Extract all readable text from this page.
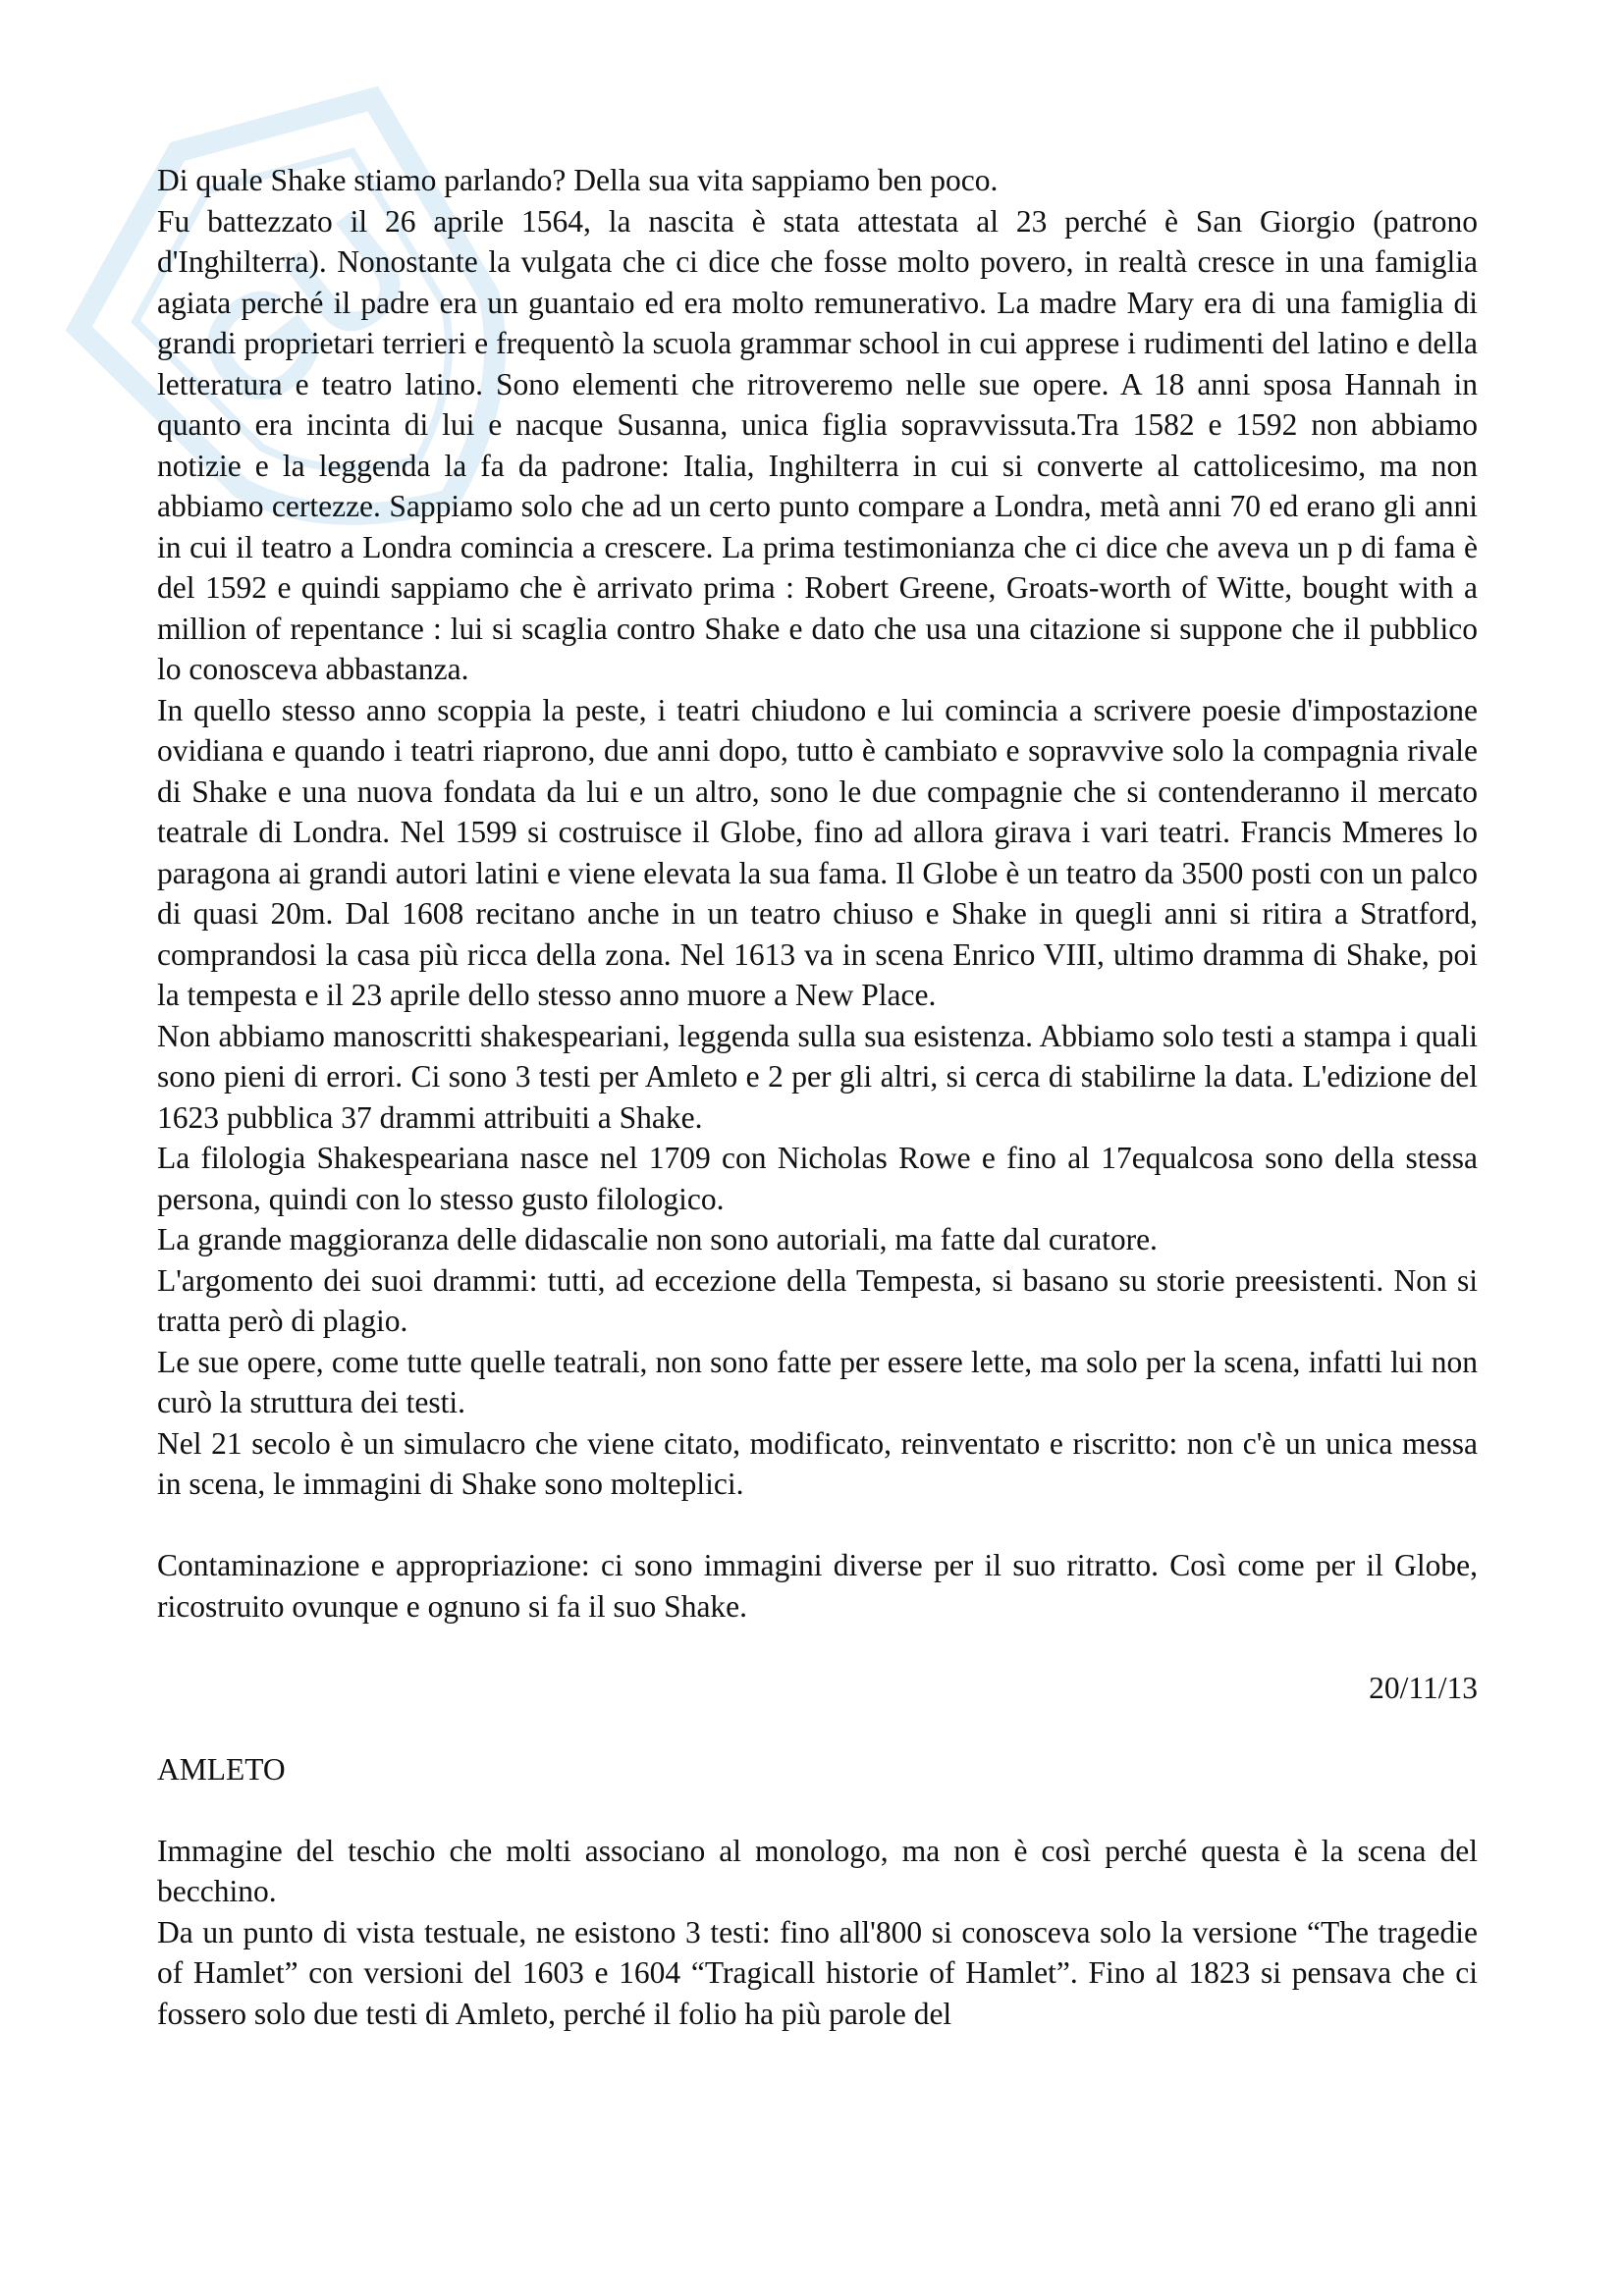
GU

Di quale Shake stiamo parlando? Della sua vita sappiamo ben poco.

Fu battezzato il 26 aprile 1564, la nascita è stata attestata al 23 perché è San Giorgio (patrono d'Inghilterra). Nonostante la vulgata che ci dice che fosse molto povero, in realtà cresce in una famiglia agiata perché il padre era un guantaio ed era molto remunerativo. La madre Mary era di una famiglia di grandi proprietari terrieri e frequentò la scuola grammar school in cui apprese i rudimenti del latino e della letteratura e teatro latino. Sono elementi che ritroveremo nelle sue opere. A 18 anni sposa Hannah in quanto era incinta di lui e nacque Susanna, unica figlia sopravvissuta.Tra 1582 e 1592 non abbiamo notizie e la leggenda la fa da padrone: Italia, Inghilterra in cui si converte al cattolicesimo, ma non abbiamo certezze. Sappiamo solo che ad un certo punto compare a Londra, metà anni 70 ed erano gli anni in cui il teatro a Londra comincia a crescere. La prima testimonianza che ci dice che aveva un p di fama è del 1592 e quindi sappiamo che è arrivato prima : Robert Greene, Groats-worth of Witte, bought with a million of repentance : lui si scaglia contro Shake e dato che usa una citazione si suppone che il pubblico lo conosceva abbastanza.

In quello stesso anno scoppia la peste, i teatri chiudono e lui comincia a scrivere poesie d'impostazione ovidiana e quando i teatri riaprono, due anni dopo, tutto è cambiato e sopravvive solo la compagnia rivale di Shake e una nuova fondata da lui e un altro, sono le due compagnie che si contenderanno il mercato teatrale di Londra. Nel 1599 si costruisce il Globe, fino ad allora girava i vari teatri. Francis Mmeres lo paragona ai grandi autori latini e viene elevata la sua fama. Il Globe è un teatro da 3500 posti con un palco di quasi 20m. Dal 1608 recitano anche in un teatro chiuso e Shake in quegli anni si ritira a Stratford, comprandosi la casa più ricca della zona. Nel 1613 va in scena Enrico VIII, ultimo dramma di Shake, poi la tempesta e il 23 aprile dello stesso anno muore a New Place.

Non abbiamo manoscritti shakespeariani, leggenda sulla sua esistenza. Abbiamo solo testi a stampa i quali sono pieni di errori. Ci sono 3 testi per Amleto e 2 per gli altri, si cerca di stabilirne la data. L'edizione del 1623 pubblica 37 drammi attribuiti a Shake.

La filologia Shakespeariana nasce nel 1709 con Nicholas Rowe e fino al 17equalcosa sono della stessa persona, quindi con lo stesso gusto filologico.

La grande maggioranza delle didascalie non sono autoriali, ma fatte dal curatore.

L'argomento dei suoi drammi: tutti, ad eccezione della Tempesta, si basano su storie preesistenti. Non si tratta però di plagio.

Le sue opere, come tutte quelle teatrali, non sono fatte per essere lette, ma solo per la scena, infatti lui non curò la struttura dei testi.

Nel 21 secolo è un simulacro che viene citato, modificato, reinventato e riscritto: non c'è un unica messa in scena, le immagini di Shake sono molteplici.

Contaminazione e appropriazione: ci sono immagini diverse per il suo ritratto. Così come per il Globe, ricostruito ovunque e ognuno si fa il suo Shake.

20/11/13

AMLETO

Immagine del teschio che molti associano al monologo, ma non è così perché questa è la scena del becchino.

Da un punto di vista testuale, ne esistono 3 testi: fino all'800 si conosceva solo la versione “The tragedie of Hamlet” con versioni del 1603 e 1604 “Tragicall historie of Hamlet”. Fino al 1823 si pensava che ci fossero solo due testi di Amleto, perché il folio ha più parole del
